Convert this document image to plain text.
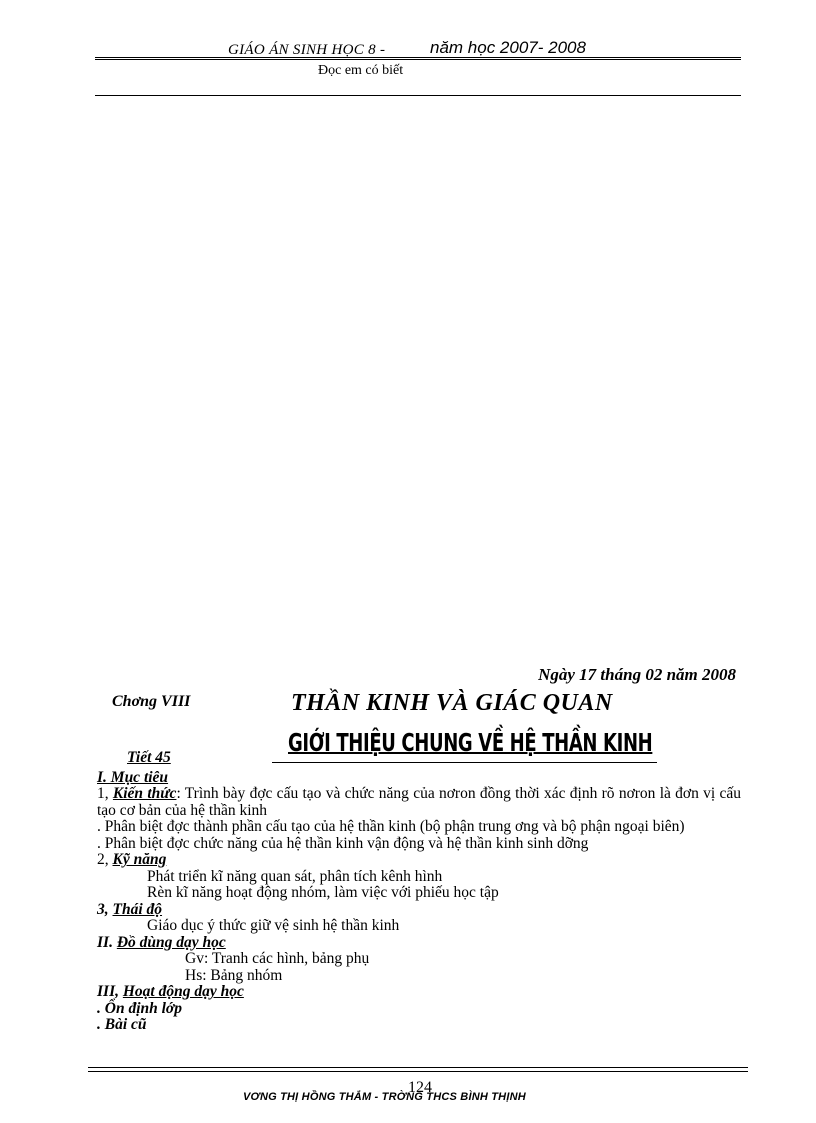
GIÁO ÁN SINH HỌC 8 -	năm học 2007- 2008
Đọc em có biết
Ngày 17 tháng 02 năm 2008
Chơng VIII	THẦN KINH VÀ GIÁC QUAN
GIỚI THIỆU CHUNG VỀ HỆ THẦN KINH

Tiết 45

I. Mục tiêu

1, Kiến thức: Trình bày đợc cấu tạo và chức năng của nơron đồng thời xác định rõ nơron là đơn vị cấu tạo cơ bản của hệ thần kinh

. Phân biệt đợc thành phần cấu tạo của hệ thần kinh (bộ phận trung ơng và bộ phận ngoại biên)

. Phân biệt đợc chức năng của hệ thần kinh vận động và hệ thần kinh sinh dỡng

2, Kỹ năng

Phát triển kĩ năng quan sát, phân tích kênh hình

Rèn kĩ năng hoạt động nhóm, làm việc với phiếu học tập

3, Thái độ

Giáo dục ý thức giữ vệ sinh hệ thần kinh

II. Đồ dùng dạy học

Gv: Tranh các hình, bảng phụ

Hs: Bảng nhóm

III, Hoạt động dạy học

. Ổn định lớp

. Bài cũ

124
VƠNG THỊ HỒNG THẮM - TRỜNG THCS BÌNH THỊNH
